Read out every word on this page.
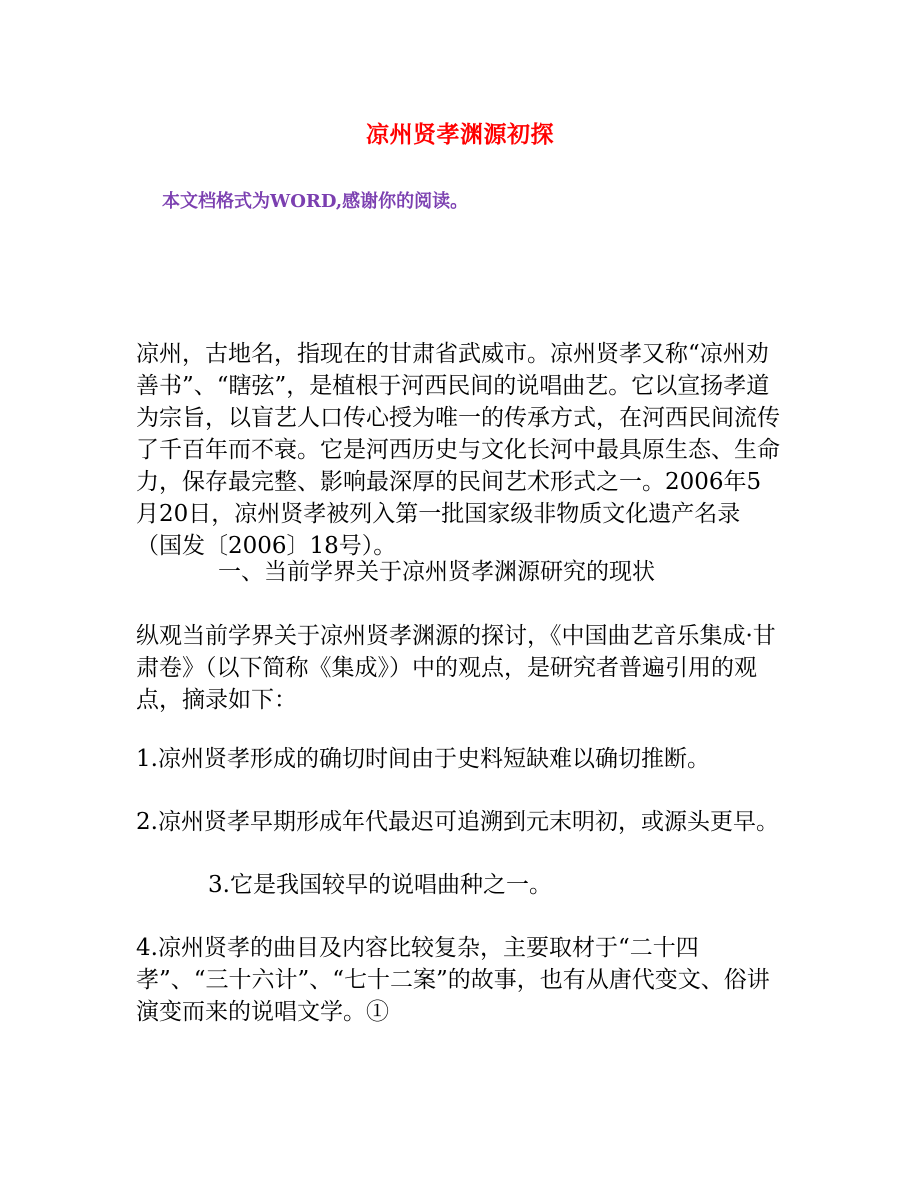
凉州贤孝渊源初探
本文档格式为WORD,感谢你的阅读。

凉州，古地名，指现在的甘肃省武威市。凉州贤孝又称“凉州劝善书”、“瞎弦”，是植根于河西民间的说唱曲艺。它以宣扬孝道为宗旨，以盲艺人口传心授为唯一的传承方式，在河西民间流传了千百年而不衰。它是河西历史与文化长河中最具原生态、生命力，保存最完整、影响最深厚的民间艺术形式之一。2006年5月20日，凉州贤孝被列入第一批国家级非物质文化遗产名录（国发〔2006〕18号）。

一、当前学界关于凉州贤孝渊源研究的现状

纵观当前学界关于凉州贤孝渊源的探讨，《中国曲艺音乐集成·甘肃卷》（以下简称《集成》）中的观点，是研究者普遍引用的观点，摘录如下：

1.凉州贤孝形成的确切时间由于史料短缺难以确切推断。

2.凉州贤孝早期形成年代最迟可追溯到元末明初，或源头更早。

3.它是我国较早的说唱曲种之一。

4.凉州贤孝的曲目及内容比较复杂，主要取材于“二十四孝”、“三十六计”、“七十二案”的故事，也有从唐代变文、俗讲演变而来的说唱文学。①
